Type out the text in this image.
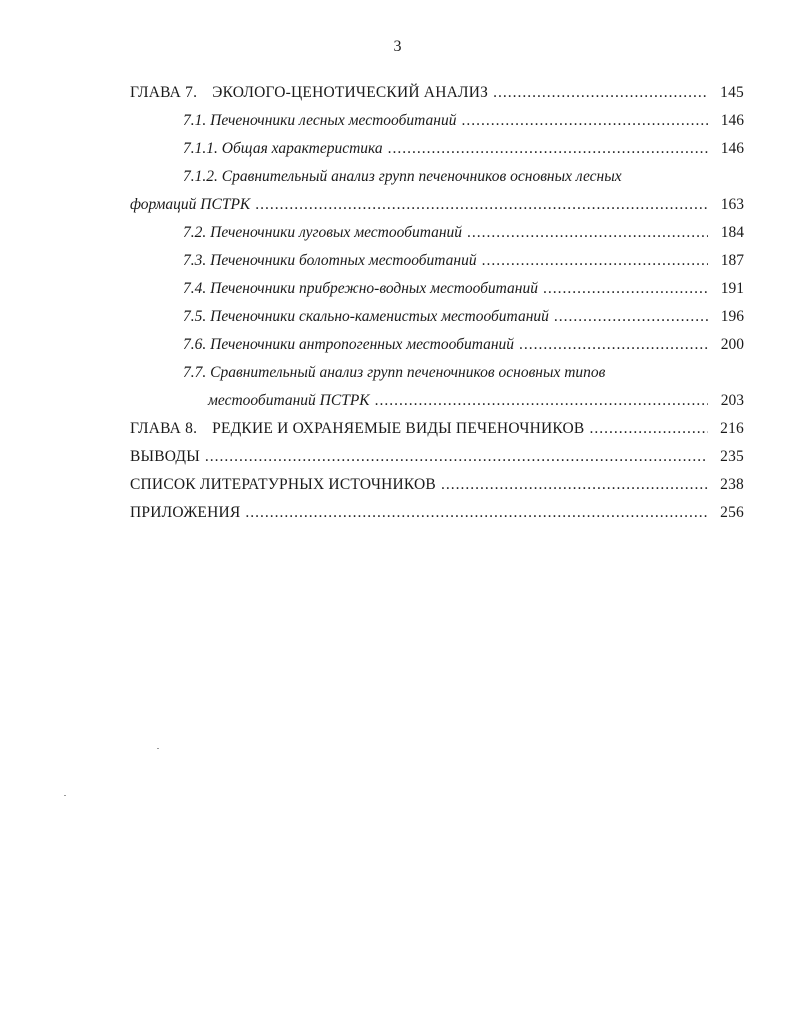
3
ГЛАВА 7. ЭКОЛОГО-ЦЕНОТИЧЕСКИЙ АНАЛИЗ .....	145
7.1. Печеночники лесных местообитаний .....	146
7.1.1. Общая характеристика .....	146
7.1.2. Сравнительный анализ групп печеночников основных лесных
формаций ПСТРК .....	163
7.2. Печеночники луговых местообитаний .....	184
7.3. Печеночники болотных местообитаний .....	187
7.4. Печеночники прибрежно-водных местообитаний .....	191
7.5. Печеночники скально-каменистых местообитаний .....	196
7.6. Печеночники антропогенных местообитаний .....	200
7.7. Сравнительный анализ групп печеночников основных типов
местообитаний ПСТРК .....	203
ГЛАВА 8. РЕДКИЕ И ОХРАНЯЕМЫЕ ВИДЫ ПЕЧЕНОЧНИКОВ .....	216
ВЫВОДЫ .....	235
СПИСОК ЛИТЕРАТУРНЫХ ИСТОЧНИКОВ .....	238
ПРИЛОЖЕНИЯ .....	256
